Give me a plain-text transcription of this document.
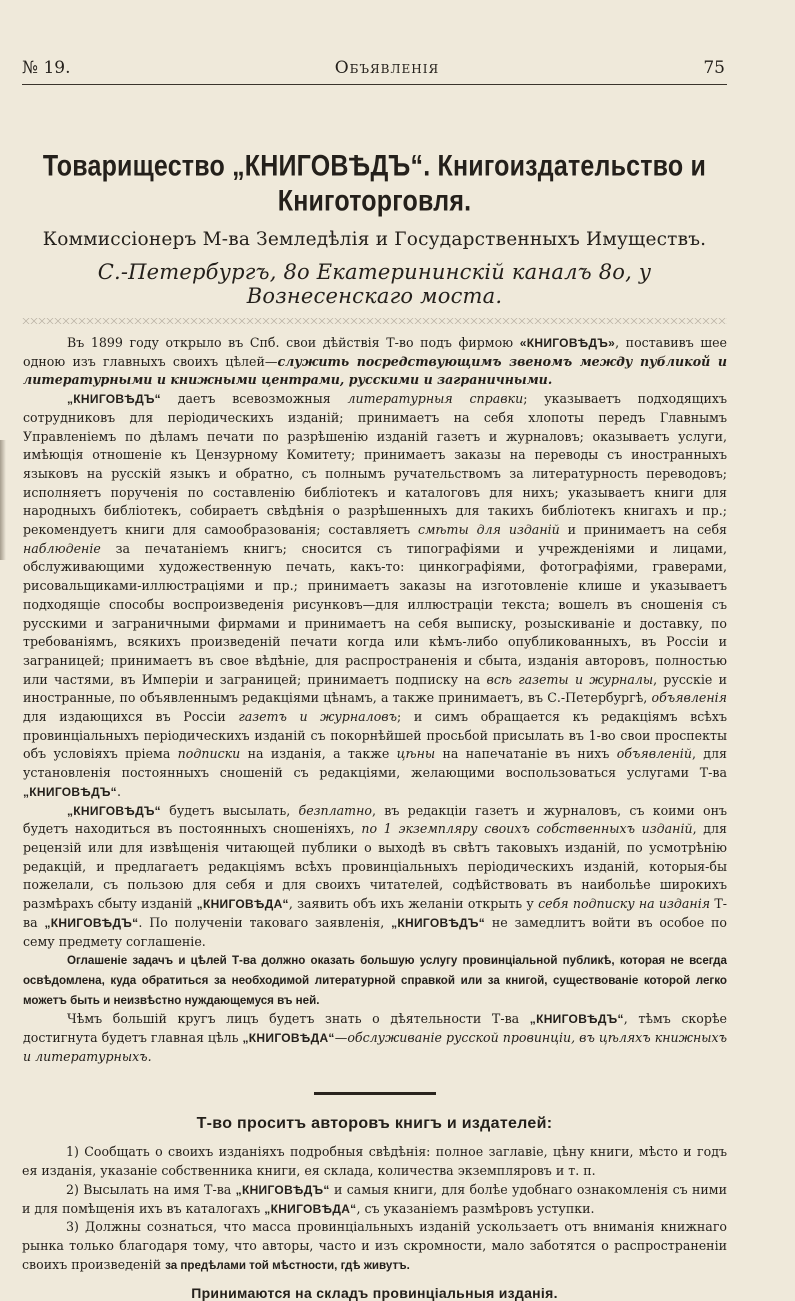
№ 19.	Объявленія	75
Товарищество „КНИГОВѢДЪ“. Книгоиздательство и Книготорговля.
Коммиссіонеръ М-ва Земледѣлія и Государственныхъ Имуществъ.
С.-Петербургъ, 8о Екатерининскій каналъ 8о, у Вознесенскаго моста.

Въ 1899 году открыло въ Спб. свои дѣйствія Т-во подъ фирмою «КНИГОВѢДЪ», поставивъ шее одною изъ главныхъ своихъ цѣлей—служить посредствующимъ звеномъ между публикой и литературными и книжными центрами, русскими и заграничными.

„КНИГОВѢДЪ“ даетъ всевозможныя литературныя справки; указываетъ подходящихъ сотрудниковъ для періодическихъ изданій; принимаетъ на себя хлопоты передъ Главнымъ Управленіемъ по дѣламъ печати по разрѣшенію изданій газетъ и журналовъ; оказываетъ услуги, имѣющія отношеніе къ Цензурному Комитету; принимаетъ заказы на переводы съ иностранныхъ языковъ на русскій языкъ и обратно, съ полнымъ ручательствомъ за литературность переводовъ; исполняетъ порученія по составленію библіотекъ и каталоговъ для нихъ; указываетъ книги для народныхъ библіотекъ, собираетъ свѣдѣнія о разрѣшенныхъ для такихъ библіотекъ книгахъ и пр.; рекомендуетъ книги для самообразованія; составляетъ смѣты для изданій и принимаетъ на себя наблюденіе за печатаніемъ книгъ; сносится съ типографіями и учрежденіями и лицами, обслуживающими художественную печать, какъ-то: цинкографіями, фотографіями, граверами, рисовальщиками-иллюстраціями и пр.; принимаетъ заказы на изготовленіе клише и указываетъ подходящіе способы воспроизведенія рисунковъ—для иллюстраціи текста; вошелъ въ сношенія съ русскими и заграничными фирмами и принимаетъ на себя выписку, розыскиваніе и доставку, по требованіямъ, всякихъ произведеній печати когда или кѣмъ-либо опубликованныхъ, въ Россіи и заграницей; принимаетъ въ свое вѣдѣніе, для распространенія и сбыта, изданія авторовъ, полностью или частями, въ Имперіи и заграницей; принимаетъ подписку на всѣ газеты и журналы, русскіе и иностранные, по объявленнымъ редакціями цѣнамъ, а также принимаетъ, въ С.-Петербургѣ, объявленія для издающихся въ Россіи газетъ и журналовъ; и симъ обращается къ редакціямъ всѣхъ провинціальныхъ періодическихъ изданій съ покорнѣйшей просьбой присылать въ 1-во свои проспекты объ условіяхъ пріема подписки на изданія, а также цѣны на напечатаніе въ нихъ объявленій, для установленія постоянныхъ сношеній съ редакціями, желающими воспользоваться услугами Т-ва „КНИГОВѢДЪ“.

„КНИГОВѢДЪ“ будетъ высылать, безплатно, въ редакціи газетъ и журналовъ, съ коими онъ будетъ находиться въ постоянныхъ сношеніяхъ, по 1 экземпляру своихъ собственныхъ изданій, для рецензій или для извѣщенія читающей публики о выходѣ въ свѣтъ таковыхъ изданій, по усмотрѣнію редакцій, и предлагаетъ редакціямъ всѣхъ провинціальныхъ періодическихъ изданій, которыя-бы пожелали, съ пользою для себя и для своихъ читателей, содѣйствовать въ наибольѣе широкихъ размѣрахъ сбыту изданій „КНИГОВѢДА“, заявить объ ихъ желаніи открыть у себя подписку на изданія Т-ва „КНИГОВѢДЪ“. По полученіи таковаго заявленія, „КНИГОВѢДЪ“ не замедлитъ войти въ особое по сему предмету соглашеніе.

Оглашеніе задачъ и цѣлей Т-ва должно оказать большую услугу провинціальной публикѣ, которая не всегда освѣдомлена, куда обратиться за необходимой литературной справкой или за книгой, существованіе которой легко можетъ быть и неизвѣстно нуждающемуся въ ней.

Чѣмъ большій кругъ лицъ будетъ знать о дѣятельности Т-ва „КНИГОВѢДЪ“, тѣмъ скорѣе достигнута будетъ главная цѣль „КНИГОВѢДА“—обслуживаніе русской провинціи, въ цѣляхъ книжныхъ и литературныхъ.

Т-во проситъ авторовъ книгъ и издателей:

1) Сообщать о своихъ изданіяхъ подробныя свѣдѣнія: полное заглавіе, цѣну книги, мѣсто и годъ ея изданія, указаніе собственника книги, ея склада, количества экземпляровъ и т. п.

2) Высылать на имя Т-ва „КНИГОВѢДЪ“ и самыя книги, для болѣе удобнаго ознакомленія съ ними и для помѣщенія ихъ въ каталогахъ „КНИГОВѢДА“, съ указаніемъ размѣровъ уступки.

3) Должны сознаться, что масса провинціальныхъ изданій ускользаетъ отъ вниманія книжнаго рынка только благодаря тому, что авторы, часто и изъ скромности, мало заботятся о распространеніи своихъ произведеній за предѣлами той мѣстности, гдѣ живутъ.

Принимаются на складъ провинціальныя изданія.
